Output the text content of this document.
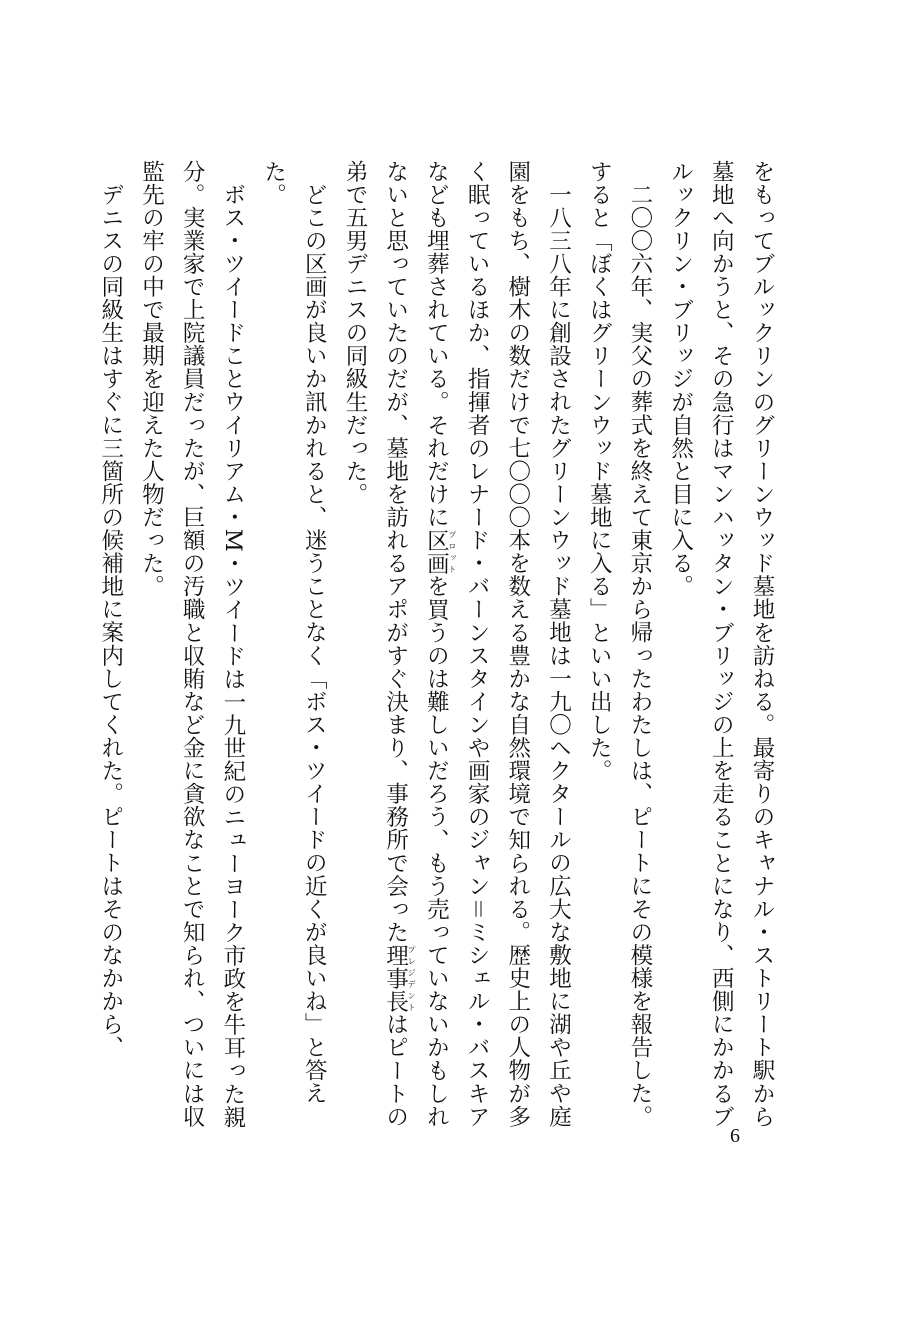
をもってブルックリンのグリーンウッド墓地を訪ねる。最寄りのキャナル・ストリート駅から墓地へ向かうと、その急行はマンハッタン・ブリッジの上を走ることになり、西側にかかるブルックリン・ブリッジが自然と目に入る。

二〇〇六年、実父の葬式を終えて東京から帰ったわたしは、ピートにその模様を報告した。すると「ぼくはグリーンウッド墓地に入る」といい出した。

一八三八年に創設されたグリーンウッド墓地は一九〇ヘクタールの広大な敷地に湖や丘や庭園をもち、樹木の数だけで七〇〇〇本を数える豊かな自然環境で知られる。歴史上の人物が多く眠っているほか、指揮者のレナード・バーンスタインや画家のジャン＝ミシェル・バスキアなども埋葬されている。それだけに区画プロットを買うのは難しいだろう、もう売っていないかもしれないと思っていたのだが、墓地を訪れるアポがすぐ決まり、事務所で会った理事長プレジデントはピートの弟で五男デニスの同級生だった。

どこの区画が良いか訊かれると、迷うことなく「ボス・ツイードの近くが良いね」と答えた。

ボス・ツイードことウイリアム・M・ツイードは一九世紀のニューヨーク市政を牛耳った親分。実業家で上院議員だったが、巨額の汚職と収賄など金に貪欲なことで知られ、ついには収監先の牢の中で最期を迎えた人物だった。

デニスの同級生はすぐに三箇所の候補地に案内してくれた。ピートはそのなかから、

6
